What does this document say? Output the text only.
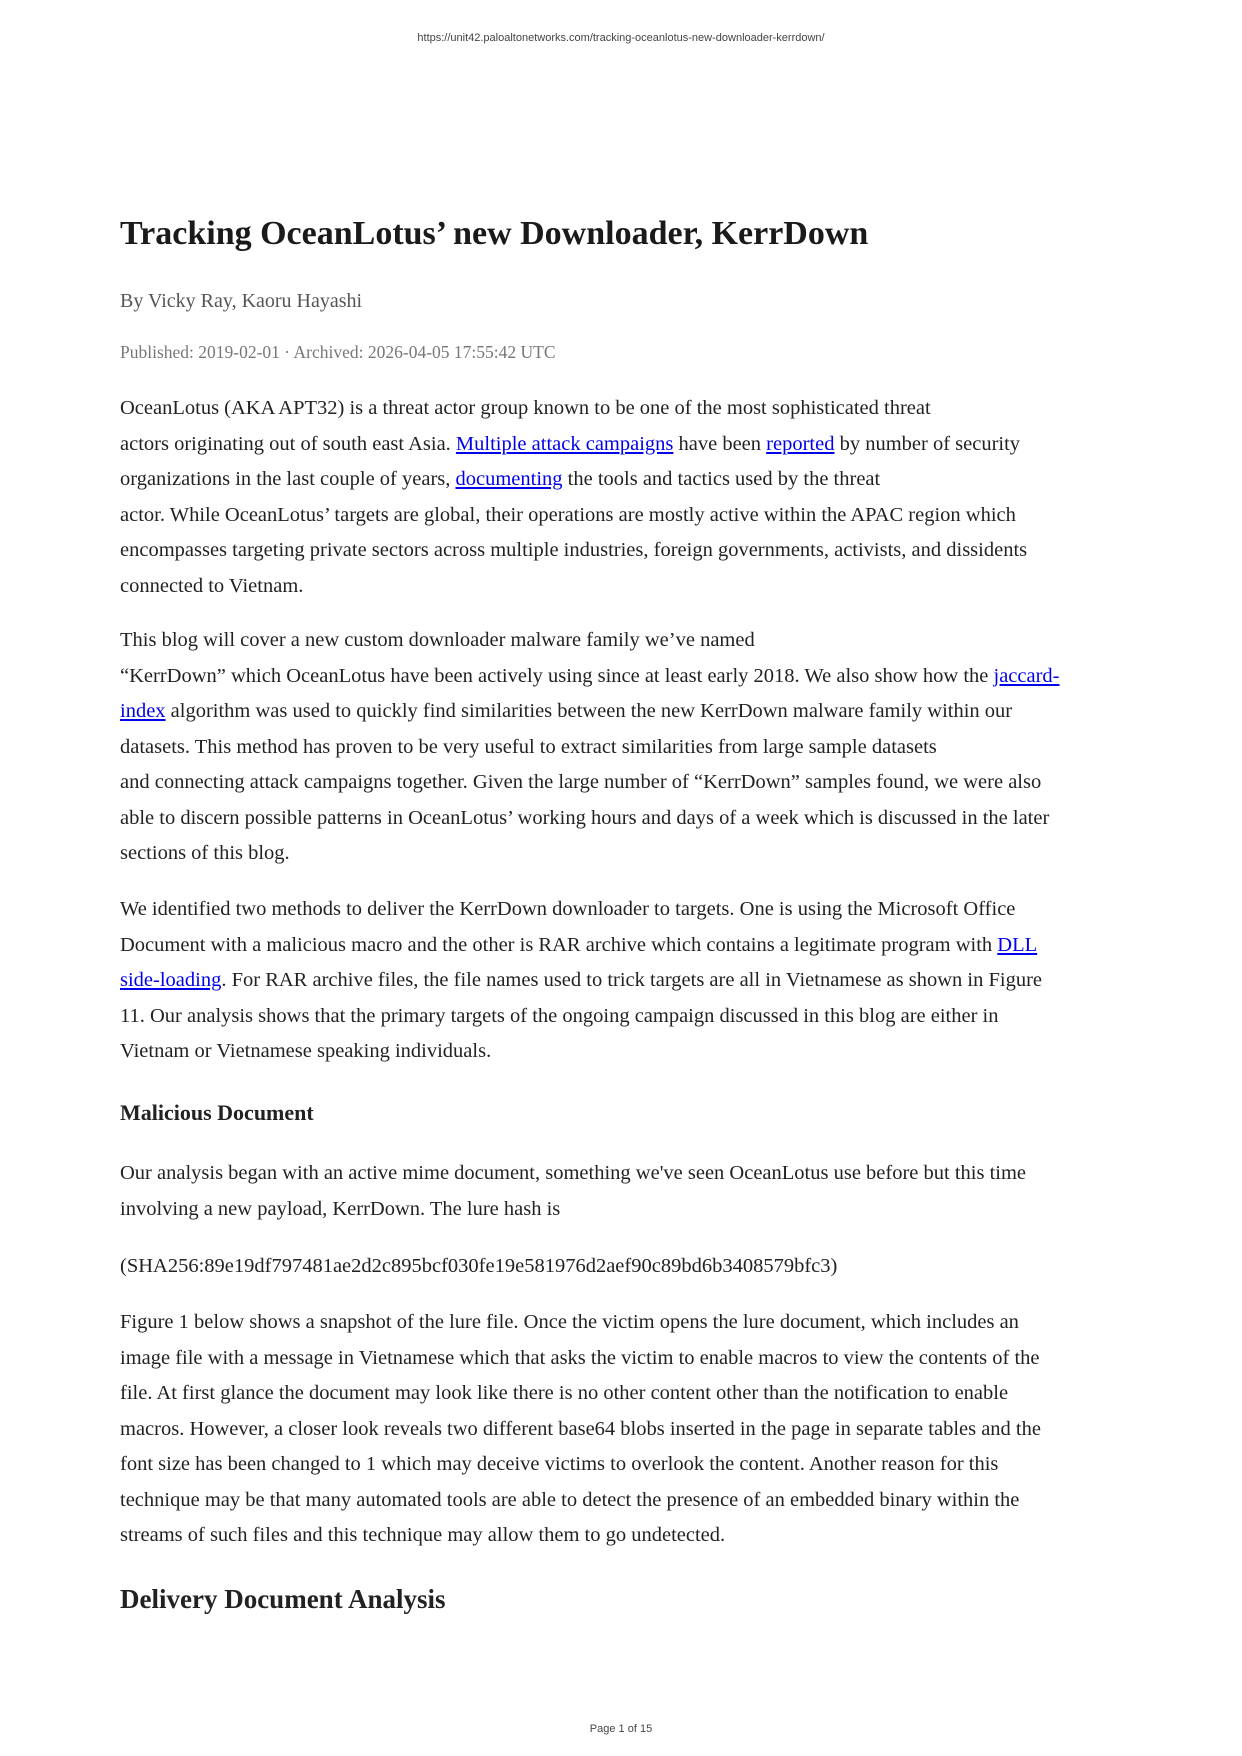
https://unit42.paloaltonetworks.com/tracking-oceanlotus-new-downloader-kerrdown/
Tracking OceanLotus’ new Downloader, KerrDown
By Vicky Ray, Kaoru Hayashi
Published: 2019-02-01 · Archived: 2026-04-05 17:55:42 UTC
OceanLotus (AKA APT32) is a threat actor group known to be one of the most sophisticated threat
actors originating out of south east Asia. Multiple attack campaigns have been reported by number of security
organizations in the last couple of years, documenting the tools and tactics used by the threat
actor. While OceanLotus’ targets are global, their operations are mostly active within the APAC region which
encompasses targeting private sectors across multiple industries, foreign governments, activists, and dissidents
connected to Vietnam.
This blog will cover a new custom downloader malware family we’ve named
“KerrDown” which OceanLotus have been actively using since at least early 2018. We also show how the jaccard-
index algorithm was used to quickly find similarities between the new KerrDown malware family within our
datasets. This method has proven to be very useful to extract similarities from large sample datasets
and connecting attack campaigns together. Given the large number of “KerrDown” samples found, we were also
able to discern possible patterns in OceanLotus’ working hours and days of a week which is discussed in the later
sections of this blog.
We identified two methods to deliver the KerrDown downloader to targets. One is using the Microsoft Office
Document with a malicious macro and the other is RAR archive which contains a legitimate program with DLL
side-loading. For RAR archive files, the file names used to trick targets are all in Vietnamese as shown in Figure
11. Our analysis shows that the primary targets of the ongoing campaign discussed in this blog are either in
Vietnam or Vietnamese speaking individuals.
Malicious Document
Our analysis began with an active mime document, something we've seen OceanLotus use before but this time
involving a new payload, KerrDown. The lure hash is
(SHA256:89e19df797481ae2d2c895bcf030fe19e581976d2aef90c89bd6b3408579bfc3)
Figure 1 below shows a snapshot of the lure file. Once the victim opens the lure document, which includes an
image file with a message in Vietnamese which that asks the victim to enable macros to view the contents of the
file. At first glance the document may look like there is no other content other than the notification to enable
macros. However, a closer look reveals two different base64 blobs inserted in the page in separate tables and the
font size has been changed to 1 which may deceive victims to overlook the content. Another reason for this
technique may be that many automated tools are able to detect the presence of an embedded binary within the
streams of such files and this technique may allow them to go undetected.
Delivery Document Analysis
Page 1 of 15
